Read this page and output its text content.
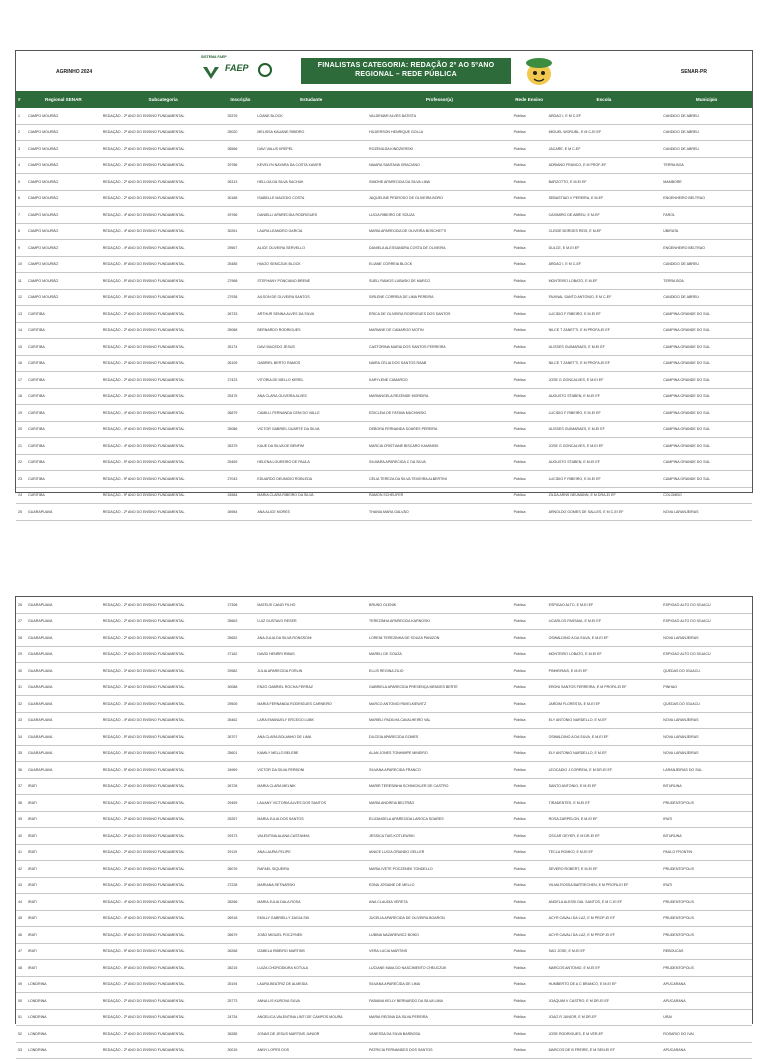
AGRINHO 2024
SISTEMA FAEP
FAEP	FINALISTAS CATEGORIA: REDAÇÃO 2º AO 5ºANO
REGIONAL – REDE PÚBLICA	SENAR-PR
#	Regional SENAR	Subcategoria	Inscrição	Estudante	Professor(a)	Rede Ensino	Escola	Município
1	CAMPO MOURÃO	REDAÇÃO - 2º ANO DO ENSINO FUNDAMENTAL	25376	LOANE BLOCK	VALDEMAR ALVES BATISTA	Pública	ARDAO I, E M C-EF	CANDIDO DE ABREU
2	CAMPO MOURÃO	REDAÇÃO - 2º ANO DO ENSINO FUNDAMENTAL	25020	MELISSA KAUANE RIBEIRO	HILDERSON HENRIQUE GOLLA	Pública	MIGUEL WORUBL, E M C-EI EF	CANDIDO DE ABREU
3	CAMPO MOURÃO	REDAÇÃO - 2º ANO DO ENSINO FUNDAMENTAL	26566	DAVI VALUS KREPEL	ROZENILDA KINDZIERSKI	Pública	JACARE, E M C-EF	CANDIDO DE ABREU
4	CAMPO MOURÃO	REDAÇÃO - 2º ANO DO ENSINO FUNDAMENTAL	29786	KEVELYN NAYARA DA COSTA XAVIER	NAIARA SANTANA GRACIANO	Pública	ADRIANO FRANCO, E M PROF-EF	TERRA BOA
5	CAMPO MOURÃO	REDAÇÃO - 2º ANO DO ENSINO FUNDAMENTAL	26313	HELLOA DA SILVA SACHUK	SIMONE APARECIDA DA SILVA LIMA	Pública	BARZOTTO, E M-EI EF	MAMBORE
6	CAMPO MOURÃO	REDAÇÃO - 2º ANO DO ENSINO FUNDAMENTAL	30168	ISABELLE MACEDO COSTA	JAQUELINE PEDROSO DE OLIVEIRA BORO	Pública	SEBASTIAO V PEREIRA, E M-EF	ENGENHEIRO BELTRAO
7	CAMPO MOURÃO	REDAÇÃO - 4º ANO DO ENSINO FUNDAMENTAL	29766	DANIELLI APARECIDA RODRIGUES	LUCIA RIBEIRO DE SOUZA	Pública	CASIMIRO DE ABREU, E M-EF	FAROL
8	CAMPO MOURÃO	REDAÇÃO - 4º ANO DO ENSINO FUNDAMENTAL	30261	LAURA LEANDRO GARCIA	MARIA APARECIDA DE OLIVEIRA BOSCHETTI	Pública	CLEIDE BORGES REIS, E M-EF	UBIRATA
9	CAMPO MOURÃO	REDAÇÃO - 4º ANO DO ENSINO FUNDAMENTAL	29567	ALICE OLIVEIRA SERVELLO	DANIELA ALESSANDRA COSTA DE OLIVEIRA	Pública	DULCE, E M-EI EF	ENGENHEIRO BELTRAO
10	CAMPO MOURÃO	REDAÇÃO - 5º ANO DO ENSINO FUNDAMENTAL	25485	HIAGO SEMCZUK BLOCK	ELIANE CORREIA BLOCK	Pública	ARDAO I, E M C-EF	CANDIDO DE ABREU
11	CAMPO MOURÃO	REDAÇÃO - 5º ANO DO ENSINO FUNDAMENTAL	27968	STEFHANY PONCIANO BRENE	SUELI RAMOS LUBASKI DE MARCO	Pública	MONTEIRO LOBATO, E M-EF	TERRA BOA
12	CAMPO MOURÃO	REDAÇÃO - 5º ANO DO ENSINO FUNDAMENTAL	27938	AILSON DE OLIVEIRA SANTOS	SIRLENE CORREIA DE LIMA PEREIRA	Pública	FAXINAL SANTO ANTONIO, E M C-EF	CANDIDO DE ABREU
13	CURITIBA	REDAÇÃO - 2º ANO DO ENSINO FUNDAMENTAL	26733	ARTHUR SENNA ALVES DA SILVA	ÉRICA DE OLIVEIRA RODRIGUES DOS SANTOS	Pública	LUCIDIO F RIBEIRO, E M-EI EF	CAMPINA GRANDE DO SUL
14	CURITIBA	REDAÇÃO - 2º ANO DO ENSINO FUNDAMENTAL	25068	BERNARDO RODRIGUES	MARIANE DE CAMARGO MOTIN	Pública	NILCE T ZANETTI, E M PROFA-EI EF	CAMPINA GRANDE DO SUL
15	CURITIBA	REDAÇÃO - 2º ANO DO ENSINO FUNDAMENTAL	25174	DAVI MACEDO JESUS	CASTORINA MARIA DOS SANTOS FERREIRA	Pública	ULISSES GUIMARAES, E M-EI EF	CAMPINA GRANDE DO SUL
16	CURITIBA	REDAÇÃO - 2º ANO DO ENSINO FUNDAMENTAL	26105	GABRIEL BERTO RAMOS	NAIRA CÉLIA DOS SANTOS RAAB	Pública	NILCE T ZANETTI, E M PROFA-EI EF	CAMPINA GRANDE DO SUL
17	CURITIBA	REDAÇÃO - 2º ANO DO ENSINO FUNDAMENTAL	27423	VITÓRIA DE MELLO KEREL	KARYLENE CAMARGO	Pública	JOSE G GONCALVES, E M-EI EF	CAMPINA GRANDE DO SUL
18	CURITIBA	REDAÇÃO - 3º ANO DO ENSINO FUNDAMENTAL	25475	ANA CLARA OLIVEIRA ALVES	MARIANGELA REZENDE MOREIRA	Pública	AUGUSTO STABEN, E M-EI EF	CAMPINA GRANDE DO SUL
19	CURITIBA	REDAÇÃO - 4º ANO DO ENSINO FUNDAMENTAL	26879	CAMILLI FERNANDA CENI DO VALLE	EDICLEIA DE FATIMA MUCHINSKI	Pública	LUCIDIO F RIBEIRO, E M-EI EF	CAMPINA GRANDE DO SUL
20	CURITIBA	REDAÇÃO - 4º ANO DO ENSINO FUNDAMENTAL	25086	VICTOR GABRIEL DUARTE DA SILVA	DEBORA FERNANDA SOARES PEREIRA	Pública	ULISSES GUIMARAES, E M-EI EF	CAMPINA GRANDE DO SUL
21	CURITIBA	REDAÇÃO - 4º ANO DO ENSINO FUNDAMENTAL	28379	KAUE DA SILVA DE BENFIM	MÁRCIA CRISTIANE BISCARO KAMINSKI	Pública	JOSE G GONCALVES, E M-EI EF	CAMPINA GRANDE DO SUL
22	CURITIBA	REDAÇÃO - 5º ANO DO ENSINO FUNDAMENTAL	25459	HELENA LOUREIRO DE PAULA	SILMARA APARECIDA C DA SILVA	Pública	AUGUSTO STABEN, E M-EI EF	CAMPINA GRANDE DO SUL
23	CURITIBA	REDAÇÃO - 5º ANO DO ENSINO FUNDAMENTAL	27043	EDUARDO DEUNIDIO ROBLEDA	CÉLIA TEREZA DA SILVA TEIXEIRA ALBERTINI	Pública	LUCIDIO F RIBEIRO, E M-EI EF	CAMPINA GRANDE DO SUL
24	CURITIBA	REDAÇÃO - 5º ANO DO ENSINO FUNDAMENTAL	24584	MARIA CLARA RIBEIRO DA SILVA	RAMON SCHEUFER	Pública	ZILDA ARNS NEUMANN, E M DRA-EI EF	COLOMBO
25	GUARAPUAVA	REDAÇÃO - 2º ANO DO ENSINO FUNDAMENTAL	26984	ANA ALICE MORES	THANIA MARA GALVÃO	Pública	ARNOLDO GOMES DE SALLES, E M C-EI EF	NOVA LARANJEIRAS
26	GUARAPUAVA	REDAÇÃO - 2º ANO DO ENSINO FUNDAMENTAL	27308	MATEUS CANZI FILHO	BRUNO OLENIK	Pública	ESPIGAO ALTO, E M-EI EF	ESPIGAO ALTO DO IGUACU
27	GUARAPUAVA	REDAÇÃO - 2º ANO DO ENSINO FUNDAMENTAL	25663	LUIZ GUSTAVO RESER	TEREZINHA APARECIDA KARNOSKI	Pública	LICARLOS PASSAIA, E M-EI EF	ESPIGAO ALTO DO IGUACU
28	GUARAPUAVA	REDAÇÃO - 2º ANO DO ENSINO FUNDAMENTAL	25652	ANA JULIA DA SILVA RONSSONI	LORENI TEREZINHA DE SOUZA PANIZON	Pública	OSWALDINO A DA SILVA, E M-EI EF	NOVA LARANJEIRAS
29	GUARAPUAVA	REDAÇÃO - 2º ANO DO ENSINO FUNDAMENTAL	27162	DAVID HENRRI RIBAS	MARELI DE SOUZA	Pública	MONTEIRO LOBATO, E M-EI EF	ESPIGAO ALTO DO IGUACU
30	GUARAPUAVA	REDAÇÃO - 3º ANO DO ENSINO FUNDAMENTAL	29582	JÚLIA APARECIDA FORLIN	ELLIS REGINA ZILIO	Pública	PINHEIRAIS, E M-EI EF	QUEDAS DO IGUACU
31	GUARAPUAVA	REDAÇÃO - 3º ANO DO ENSINO FUNDAMENTAL	30088	ENZO GABRIEL ROCHA FERRAZ	GABRIELA APARECIDA PRESENÇA MENDES BERTÉ	Pública	ERONI SANTOS FERREIRA, E M PROFA-EI EF	PINHAO
32	GUARAPUAVA	REDAÇÃO - 3º ANO DO ENSINO FUNDAMENTAL	29505	MARIA FERNANDA RODRIGUES CARNEIRO	MARCO ANTONIO PAVELKIEWITZ	Pública	JARDIM FLORESTA, E M-EI EF	QUEDAS DO IGUACU
33	GUARAPUAVA	REDAÇÃO - 4º ANO DO ENSINO FUNDAMENTAL	26462	LARA EMANUELY ERCEGO LUBK	MARIELI PADILHA CAVALHEIRO VAL	Pública	ELY ANTONIO NARDELLO, E M-EF	NOVA LARANJEIRAS
34	GUARAPUAVA	REDAÇÃO - 5º ANO DO ENSINO FUNDAMENTAL	26707	ANA CLARA BOLANHO DE LIMA	DILCEIA APARECIDA GOMES	Pública	OSWALDINO A DA SILVA, E M-EI EF	NOVA LARANJEIRAS
35	GUARAPUAVA	REDAÇÃO - 5º ANO DO ENSINO FUNDAMENTAL	25601	KAMILY MELLO BELEBE	ALAN JONES TONHIMPE MINEIRO	Pública	ELY ANTONIO NARDELLO, E M-EF	NOVA LARANJEIRAS
36	GUARAPUAVA	REDAÇÃO - 5º ANO DO ENSINO FUNDAMENTAL	24969	VICTOR DA SILVA PERBONI	SILVANA APARECIDA FRANCO	Pública	LEOCADIO J CORREIA, E M DR-EI EF	LARANJEIRAS DO SUL
37	IRATI	REDAÇÃO - 2º ANO DO ENSINO FUNDAMENTAL	26728	MARIA CLARA MELNIK	MARIR TERESINHA SCHMICKLER DE CASTRO	Pública	SANTO ANTONIO, E M-EI EF	BITURUNA
38	IRATI	REDAÇÃO - 2º ANO DO ENSINO FUNDAMENTAL	29459	LAUANY VICTORIA ALVES DOS SANTOS	MARIA ANDREIA BELTRÃO	Pública	TIRADENTES, E M-EI EF	PRUDENTOPOLIS
39	IRATI	REDAÇÃO - 2º ANO DO ENSINO FUNDAMENTAL	25267	MARIA JÚLIA DOS SANTOS	ELIZANGELA APARECIDA LAROCA SOARES	Pública	ROSA ZARPELON, E M-EI EF	IRATI
40	IRATI	REDAÇÃO - 2º ANO DO ENSINO FUNDAMENTAL	29373	VALENTINA ALANA CASTANHA	JESSICA TAIS KOTLEWSKI	Pública	OSCAR GEYER, E M DR-EI EF	BITURUNA
41	IRATI	REDAÇÃO - 2º ANO DO ENSINO FUNDAMENTAL	29119	ANA LAURA FELIPE	IANICE LUCIA GRANDO GELLER	Pública	TECLA ROMKO, E M-EI EF	PAULO FRONTIN
42	IRATI	REDAÇÃO - 2º ANO DO ENSINO FUNDAMENTAL	26076	RAFAEL SIQUEIRA	MARIA IVETE POCZENEK TONDELLO	Pública	SEVERO ROBERT, E M-EI EF	PRUDENTOPOLIS
43	IRATI	REDAÇÃO - 3º ANO DO ENSINO FUNDAMENTAL	27228	MARIANA SETNARSKI	EDNA JOSIANE DE MELLO	Pública	VILMA ROSSA BARTIECHEN, E M PROFA-EI EF	IRATI
44	IRATI	REDAÇÃO - 4º ANO DO ENSINO FUNDAMENTAL	28266	MARIA JULIA DALA ROSA	ANA CLAUDIA VERETA	Pública	ANGELA ALESSI DAL SANTOS, E M C-EI EF	PRUDENTOPOLIS
45	IRATI	REDAÇÃO - 4º ANO DO ENSINO FUNDAMENTAL	26918	EMILLY GABRIELLY ZAGULSKI	JUCELIA APARECIDA DE OLIVEIRA BOARON	Pública	ACYR CAVALI DA LUZ, E M PROF-EI EF	PRUDENTOPOLIS
46	IRATI	REDAÇÃO - 5º ANO DO ENSINO FUNDAMENTAL	26679	JOÃO MIGUEL POCZYNEK	LUBINA NAZAREWICZ BOIKO	Pública	ACYR CAVALI DA LUZ, E M PROF-EI EF	PRUDENTOPOLIS
47	IRATI	REDAÇÃO - 5º ANO DO ENSINO FUNDAMENTAL	26268	IZABELA RIBEIRO MARTINS	VERA LUCIA MARTINS	Pública	SAO JOSE, E M-EI EF	REBOUCAS
48	IRATI	REDAÇÃO - 5º ANO DO ENSINO FUNDAMENTAL	28215	LUIZA CHORODIURA KOTULA	LUCIANE MAIA DO NASCIMENTO CHEUCZUK	Pública	MARCOS ANTONIO, E M-EI EF	PRUDENTOPOLIS
49	LONDRINA	REDAÇÃO - 2º ANO DO ENSINO FUNDAMENTAL	25194	LAURA BEATRIZ DE ALMEIDA	SILVANA APARECIDA DE LIMA	Pública	HUMBERTO DE A C BRANCO, E M-EI EF	APUCARANA
50	LONDRINA	REDAÇÃO - 2º ANO DO ENSINO FUNDAMENTAL	25773	ANNA LIS KUROVA SILVA	FABIANA KELLY BERNARDO DA SILVA LIMA	Pública	JOAQUIM V CASTRO, E M DR-EI EF	APUCARANA
51	LONDRINA	REDAÇÃO - 2º ANO DO ENSINO FUNDAMENTAL	24734	ANGELICA VALENTINA LINTI DE CAMPOS MOURA	MARIA REGINA DA SILVA PEREIRA	Pública	JOAO R JUNIOR, E M DR-EF	URAI
52	LONDRINA	REDAÇÃO - 2º ANO DO ENSINO FUNDAMENTAL	26285	JONAS DE JESUS MARTINS JUNIOR	VANESSA DA SILVA BARBOSA	Pública	JOSE RODRIGUES, E M VER-EF	ROSARIO DO IVAI
53	LONDRINA	REDAÇÃO - 2º ANO DO ENSINO FUNDAMENTAL	30015	ANNY LOPES DOS	PATRICIA FERNANDES DOS SANTOS	Pública	MARCOS DE B FREIRE, E M SEN-EI EF	APUCARANA
